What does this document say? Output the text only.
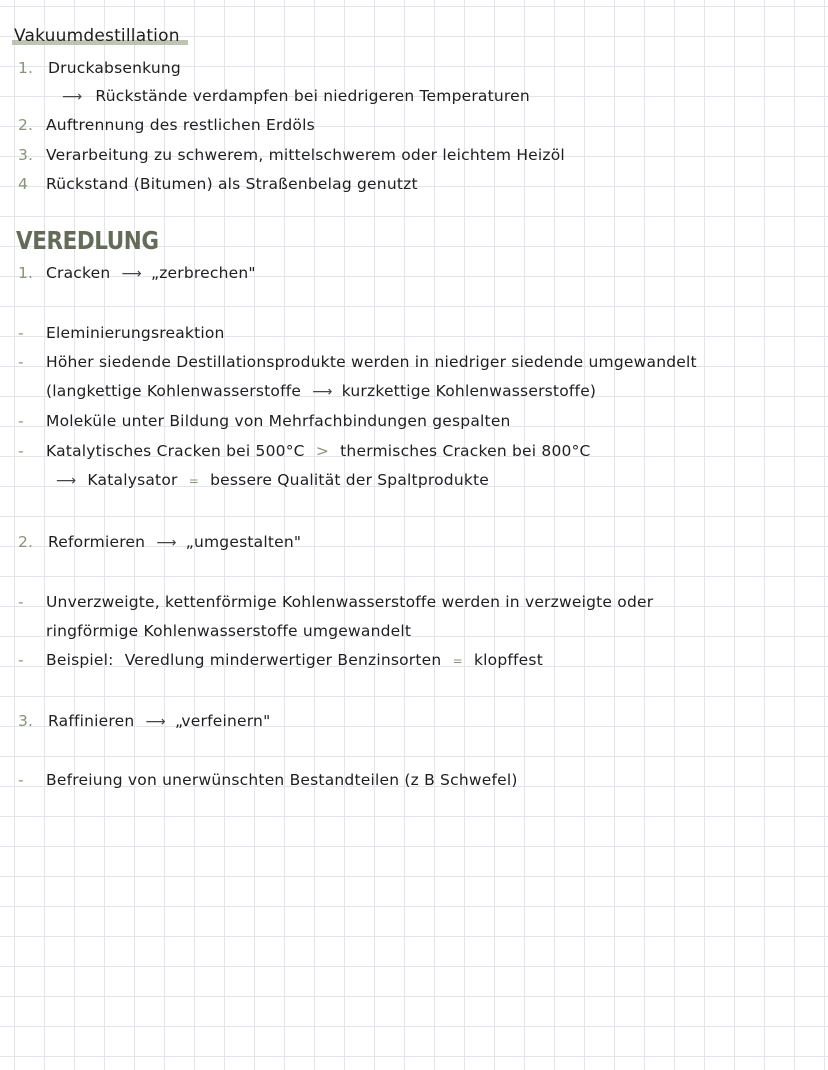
Vakuumdestillation
1. Druckabsenkung
⟶ Rückstände verdampfen bei niedrigeren Temperaturen
2. Auftrennung des restlichen Erdöls
3. Verarbeitung zu schwerem, mittelschwerem oder leichtem Heizöl
4 Rückstand (Bitumen) als Straßenbelag genutzt
VEREDLUNG
1. Cracken ⟶ „zerbrechen"
- Eleminierungsreaktion
- Höher siedende Destillationsprodukte werden in niedriger siedende umgewandelt
(langkettige Kohlenwasserstoffe ⟶ kurzkettige Kohlenwasserstoffe)
- Moleküle unter Bildung von Mehrfachbindungen gespalten
- Katalytisches Cracken bei 500°C > thermisches Cracken bei 800°C
⟶ Katalysator = bessere Qualität der Spaltprodukte
2. Reformieren ⟶ „umgestalten"
- Unverzweigte, kettenförmige Kohlenwasserstoffe werden in verzweigte oder
ringförmige Kohlenwasserstoffe umgewandelt
- Beispiel: Veredlung minderwertiger Benzinsorten = klopffest
3. Raffinieren ⟶ „verfeinern"
- Befreiung von unerwünschten Bestandteilen (z B Schwefel)
